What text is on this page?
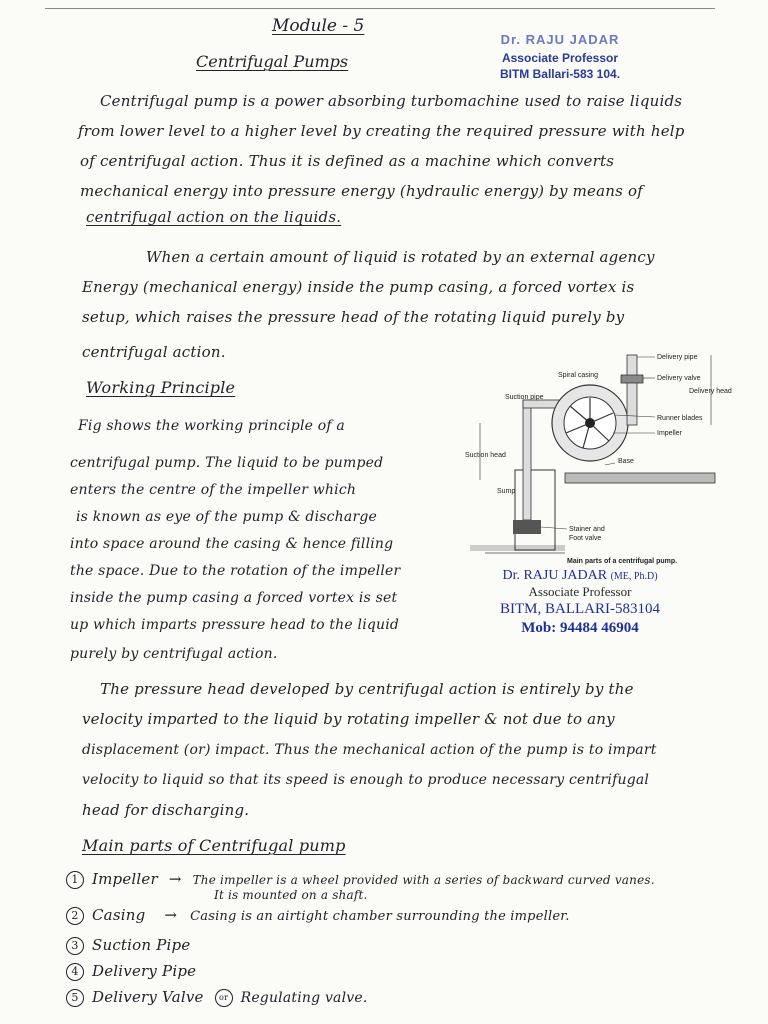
Module - 5
Centrifugal Pumps
Dr. RAJU JADAR
Associate Professor
BITM Ballari-583 104.
Centrifugal pump is a power absorbing turbomachine used to raise liquids
from lower level to a higher level by creating the required pressure with help
of centrifugal action. Thus it is defined as a machine which converts
mechanical energy into pressure energy (hydraulic energy) by means of
centrifugal action on the liquids.
When a certain amount of liquid is rotated by an external agency
Energy (mechanical energy) inside the pump casing, a forced vortex is
setup, which raises the pressure head of the rotating liquid purely by
centrifugal action.
Working Principle
Fig shows the working principle of a
centrifugal pump. The liquid to be pumped
enters the centre of the impeller which
is known as eye of the pump & discharge
into space around the casing & hence filling
the space. Due to the rotation of the impeller
inside the pump casing a forced vortex is set
up which imparts pressure head to the liquid
purely by centrifugal action.
Delivery pipe
Delivery valve
Delivery head
Spiral casing
Suction pipe
Runner blades
Impeller
Suction head
Base
Sump
Stainer and
Foot valve
Main parts of a centrifugal pump.
Dr. RAJU JADAR (ME, Ph.D)
Associate Professor
BITM, BALLARI-583104
Mob: 94484 46904
The pressure head developed by centrifugal action is entirely by the
velocity imparted to the liquid by rotating impeller & not due to any
displacement (or) impact. Thus the mechanical action of the pump is to impart
velocity to liquid so that its speed is enough to produce necessary centrifugal
head for discharging.
Main parts of Centrifugal pump
1 Impeller → The impeller is a wheel provided with a series of backward curved vanes.
It is mounted on a shaft.
2 Casing → Casing is an airtight chamber surrounding the impeller.
3 Suction Pipe
4 Delivery Pipe
5 Delivery Valve or Regulating valve.
